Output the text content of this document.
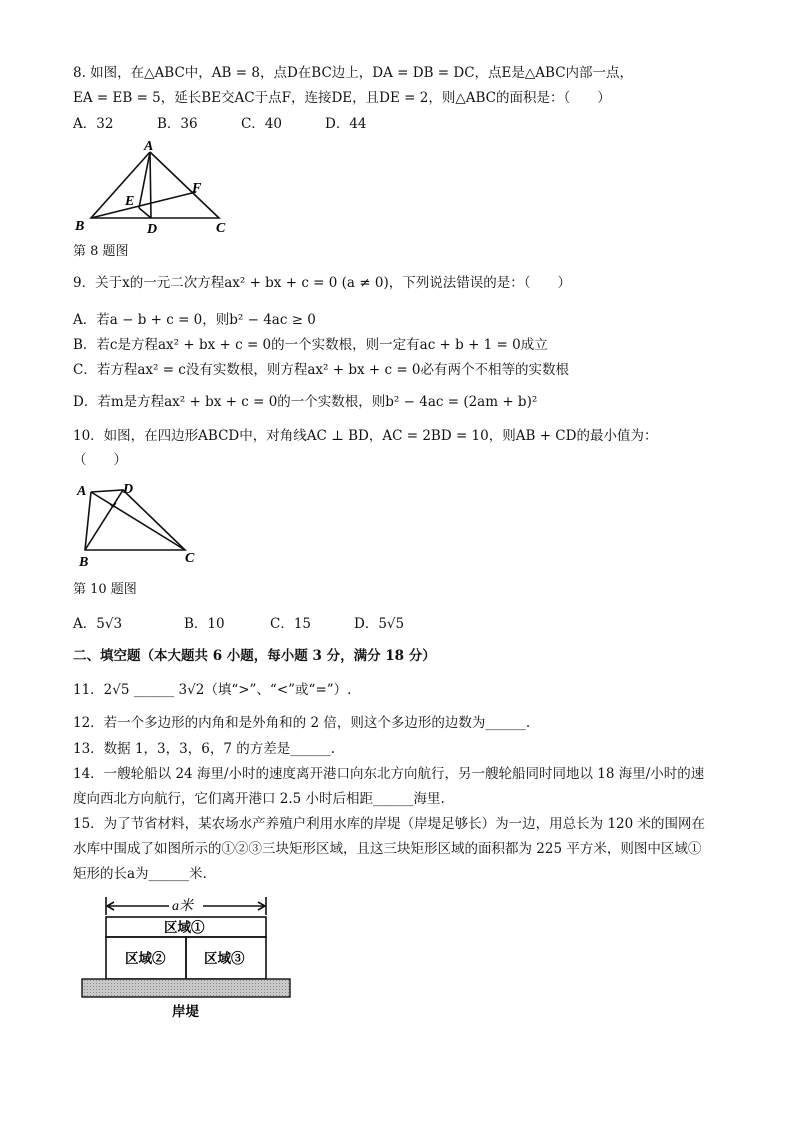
8. 如图，在△ABC中，AB = 8，点D在BC边上，DA = DB = DC，点E是△ABC内部一点，
EA = EB = 5，延长BE交AC于点F，连接DE，且DE = 2，则△ABC的面积是：（　　）
A．32	B．36	C．40	D．44
A
B	C
D
E
F
第 8 题图
9．关于x的一元二次方程ax² + bx + c = 0 (a ≠ 0)，下列说法错误的是：（　　）
A．若a − b + c = 0，则b² − 4ac ≥ 0
B．若c是方程ax² + bx + c = 0的一个实数根，则一定有ac + b + 1 = 0成立
C．若方程ax² = c没有实数根，则方程ax² + bx + c = 0必有两个不相等的实数根
D．若m是方程ax² + bx + c = 0的一个实数根，则b² − 4ac = (2am + b)²
10．如图，在四边形ABCD中，对角线AC ⊥ BD，AC = 2BD = 10，则AB + CD的最小值为：
（　　）
A	D
B	C
第 10 题图
A．5√3	B．10	C．15	D．5√5
二、填空题（本大题共 6 小题，每小题 3 分，满分 18 分）
11．2√5 ______ 3√2（填“>”、“<”或“=”）.
12．若一个多边形的内角和是外角和的 2 倍，则这个多边形的边数为______.
13．数据 1，3，3，6，7 的方差是______.
14．一艘轮船以 24 海里/小时的速度离开港口向东北方向航行，另一艘轮船同时同地以 18 海里/小时的速
度向西北方向航行，它们离开港口 2.5 小时后相距______海里.
15．为了节省材料，某农场水产养殖户利用水库的岸堤（岸堤足够长）为一边，用总长为 120 米的围网在
水库中围成了如图所示的①②③三块矩形区域，且这三块矩形区域的面积都为 225 平方米，则图中区域①
矩形的长a为______米.
a米
区域①
区域②	区域③
岸堤
